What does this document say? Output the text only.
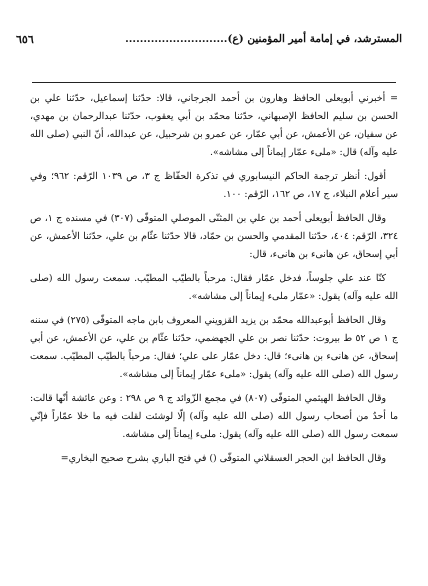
٦٥٦	المسترشد، في إمامة أمير المؤمنين (ع)............................

= أخبرني أبويعلى الحافظ وهارون بن أحمد الجرجاني، قالا: حدّثنا إسماعيل، حدّثنا علي بن الحسن بن سليم الحافظ الإصبهاني، حدّثنا محمّد بن أبي يعقوب، حدّثنا عبدالرحمان بن مهدي، عن سفيان، عن الأعمش، عن أبي عمّار، عن عمرو بن شرحبيل، عن عبدالله، أنّ النبي (صلى الله عليه وآله) قال: «ملىء عمّار إيماناً إلى مشاشه».

أقول: أنظر ترجمة الحاكم النيسابوري في تذكرة الحفّاظ ج ٣، ص ١٠٣٩ الرّقم: ٩٦٢؛ وفي سير أعلام النبلاء، ج ١٧، ص ١٦٢، الرّقم: ١٠٠.

وقال الحافظ أبويعلى أحمد بن علي بن المثنّى الموصلي المتوفّى (٣٠٧) في مسنده ج ١، ص ٣٢٤، الرّقم: ٤٠٤، حدّثنا المقدمي والحسن بن حمّاد، قالا حدّثنا عثّام بن علي، حدّثنا الأعمش، عن أبي إسحاق، عن هانىء بن هانىء، قال:

كنّا عند علي جلوساً، فدخل عمّار فقال: مرحباً بالطيّب المطيّب. سمعت رسول الله (صلى الله عليه وآله) يقول: «عمّار ملىء إيماناً إلى مشاشه».

وقال الحافظ أبوعبدالله محمّد بن يزيد القزويني المعروف بابن ماجه المتوفّى (٢٧٥) في سننه ج ١ ص ٥٢ ط بيروت: حدّثنا نصر بن علي الجهضمي، حدّثنا عثّام بن علي، عن الأعمش، عن أبي إسحاق، عن هانىء بن هانىء؛ قال: دخل عمّار على علي؛ فقال: مرحباً بالطيّب المطيّب. سمعت رسول الله (صلى الله عليه وآله) يقول: «ملىء عمّار إيماناً إلى مشاشه».

وقال الحافظ الهيثمي المتوفّى (٨٠٧) في مجمع الزّوائد ج ٩ ص ٢٩٨ : وعن عائشة أنّها قالت: ما أحدٌ من أصحاب رسول الله (صلى الله عليه وآله) إلّا لوشئت لقلت فيه ما خلا عمّاراً فإنّي سمعت رسول الله (صلى الله عليه وآله) يقول: ملىء إيماناً إلى مشاشه.

وقال الحافظ ابن الحجر العسقلاني المتوفّى () في فتح الباري بشرح صحيح البخاري=
